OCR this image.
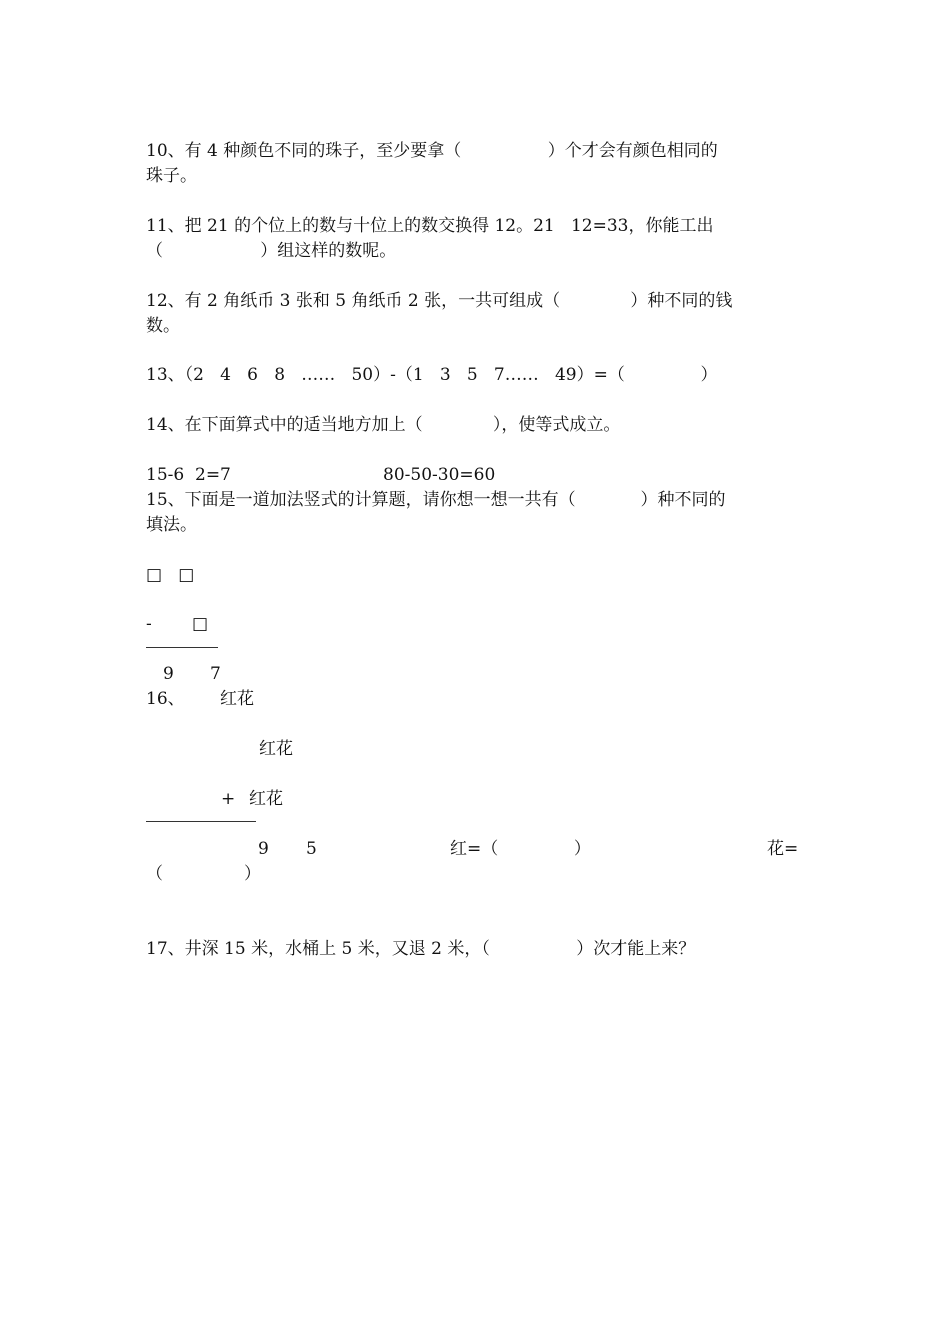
10、有 4 种颜色不同的珠子，至少要拿（                ）个才会有颜色相同的
珠子。
11、把 21 的个位上的数与十位上的数交换得 12。21   12=33，你能工出
（                  ）组这样的数呢。
12、有 2 角纸币 3 张和 5 角纸币 2 张，一共可组成（             ）种不同的钱
数。
13、（2   4   6   8   ……   50）-（1   3   5   7……   49）=（              ）
14、在下面算式中的适当地方加上（             ），使等式成立。
15-6  2=7	80-50-30=60
15、下面是一道加法竖式的计算题，请你想一想一共有（            ）种不同的
填法。
□   □
- □
9 7
16、 红花
红花
+ 红花
9 5	红=（              ）	花=
（               ）
17、井深 15 米，水桶上 5 米，又退 2 米，（                ）次才能上来？
